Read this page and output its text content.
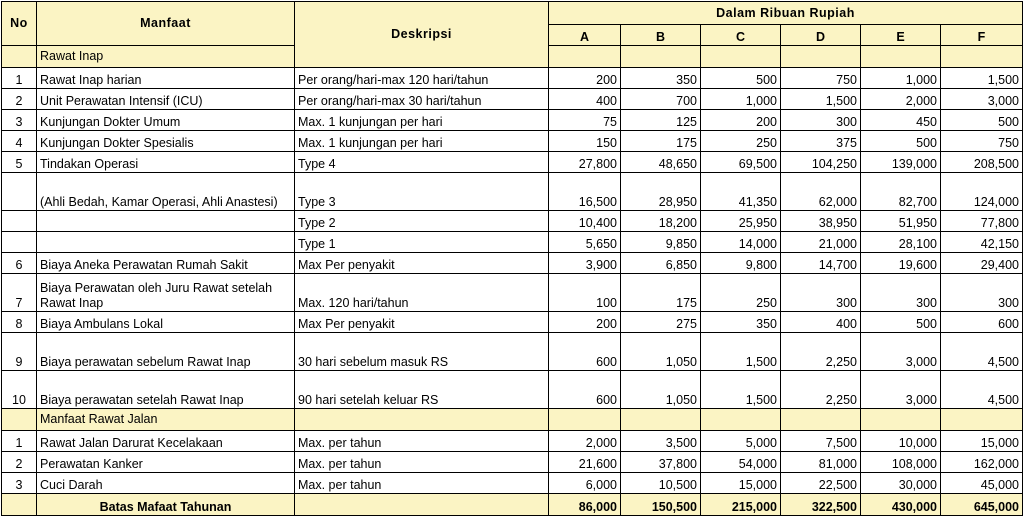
No	Manfaat	Deskripsi	Dalam Ribuan Rupiah					
			A	B	C	D	E	F
	Rawat Inap							
1	Rawat Inap harian	Per orang/hari-max 120 hari/tahun	200	350	500	750	1,000	1,500
2	Unit Perawatan Intensif (ICU)	Per orang/hari-max 30 hari/tahun	400	700	1,000	1,500	2,000	3,000
3	Kunjungan Dokter Umum	Max. 1 kunjungan per hari	75	125	200	300	450	500
4	Kunjungan Dokter Spesialis	Max. 1 kunjungan per hari	150	175	250	375	500	750
5	Tindakan Operasi	Type 4	27,800	48,650	69,500	104,250	139,000	208,500
	(Ahli Bedah, Kamar Operasi, Ahli Anastesi)	Type 3	16,500	28,950	41,350	62,000	82,700	124,000
		Type 2	10,400	18,200	25,950	38,950	51,950	77,800
		Type 1	5,650	9,850	14,000	21,000	28,100	42,150
6	Biaya Aneka Perawatan Rumah Sakit	Max Per penyakit	3,900	6,850	9,800	14,700	19,600	29,400
7	Biaya Perawatan oleh Juru Rawat setelah Rawat Inap	Max. 120 hari/tahun	100	175	250	300	300	300
8	Biaya Ambulans Lokal	Max Per penyakit	200	275	350	400	500	600
9	Biaya perawatan sebelum Rawat Inap	30 hari sebelum masuk RS	600	1,050	1,500	2,250	3,000	4,500
10	Biaya perawatan setelah Rawat Inap	90 hari setelah keluar RS	600	1,050	1,500	2,250	3,000	4,500
	Manfaat Rawat Jalan							
1	Rawat Jalan Darurat Kecelakaan	Max. per tahun	2,000	3,500	5,000	7,500	10,000	15,000
2	Perawatan Kanker	Max. per tahun	21,600	37,800	54,000	81,000	108,000	162,000
3	Cuci Darah	Max. per tahun	6,000	10,500	15,000	22,500	30,000	45,000
	Batas Mafaat Tahunan		86,000	150,500	215,000	322,500	430,000	645,000
